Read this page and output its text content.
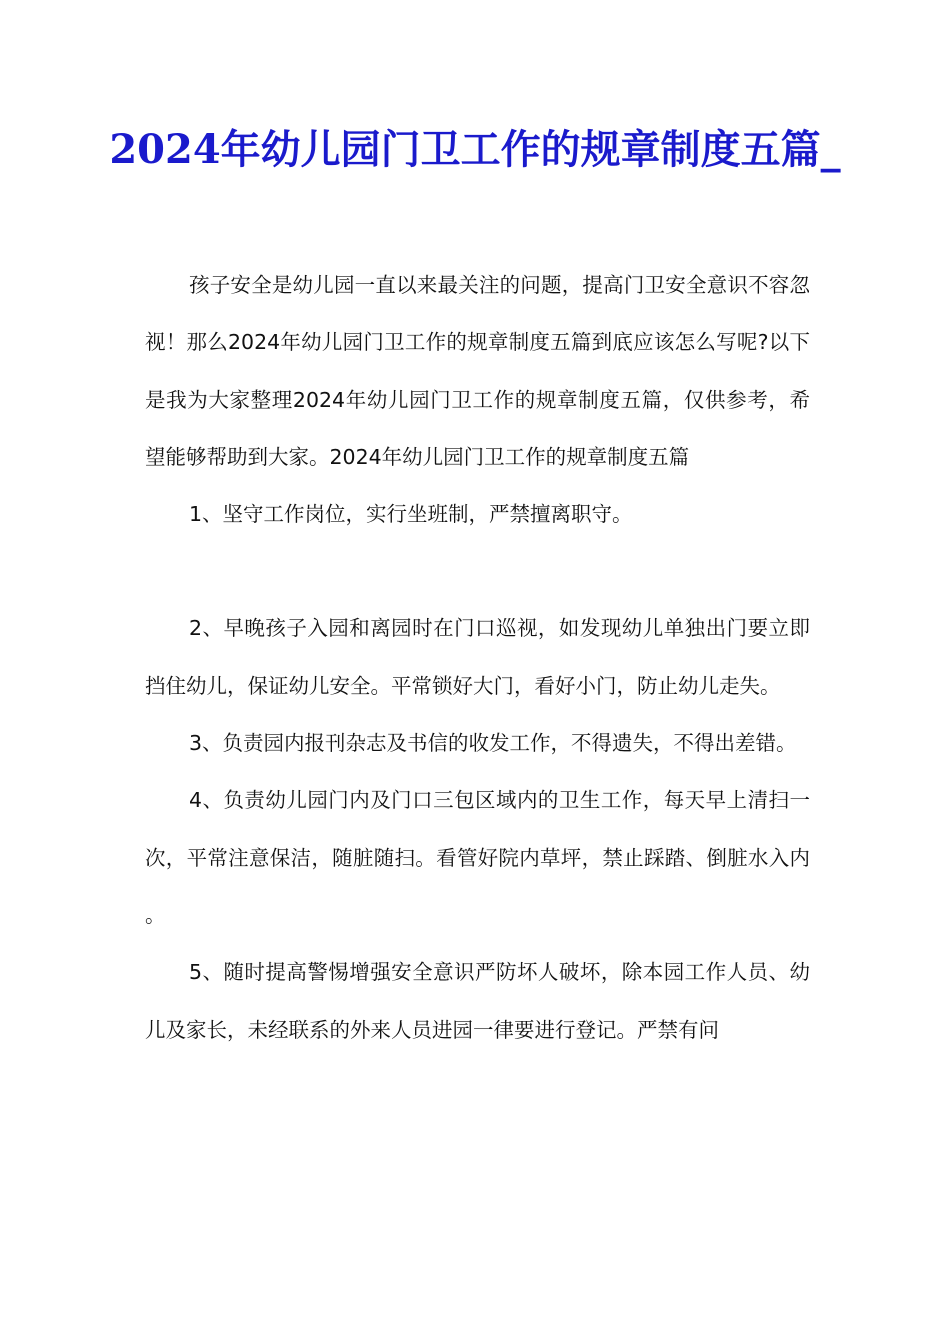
2024年幼儿园门卫工作的规章制度五篇_

孩子安全是幼儿园一直以来最关注的问题，提高门卫安全意识不容忽视！那么2024年幼儿园门卫工作的规章制度五篇到底应该怎么写呢?以下是我为大家整理2024年幼儿园门卫工作的规章制度五篇，仅供参考，希望能够帮助到大家。2024年幼儿园门卫工作的规章制度五篇

1、坚守工作岗位，实行坐班制，严禁擅离职守。

2、早晚孩子入园和离园时在门口巡视，如发现幼儿单独出门要立即挡住幼儿，保证幼儿安全。平常锁好大门，看好小门，防止幼儿走失。

3、负责园内报刊杂志及书信的收发工作，不得遗失，不得出差错。

4、负责幼儿园门内及门口三包区域内的卫生工作，每天早上清扫一次，平常注意保洁，随脏随扫。看管好院内草坪，禁止踩踏、倒脏水入内。

5、随时提高警惕增强安全意识严防坏人破坏，除本园工作人员、幼儿及家长，未经联系的外来人员进园一律要进行登记。严禁有问
